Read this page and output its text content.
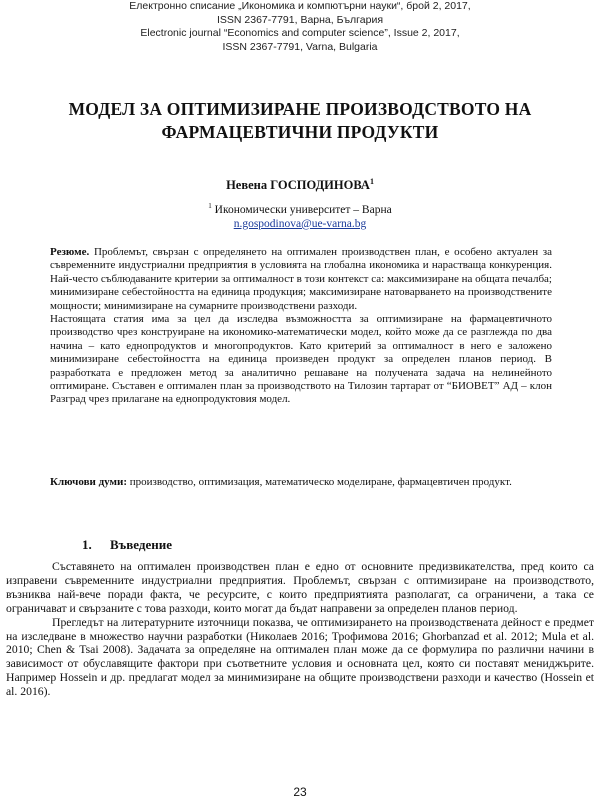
Електронно списание „Икономика и компютърни науки“, брой 2, 2017,
ISSN 2367-7791, Варна, България
Electronic journal “Economics and computer science”, Issue 2, 2017,
ISSN 2367-7791, Varna, Bulgaria
МОДЕЛ ЗА ОПТИМИЗИРАНЕ ПРОИЗВОДСТВОТО НА
ФАРМАЦЕВТИЧНИ ПРОДУКТИ
Невена ГОСПОДИНОВА$^1$
$^1$ Икономически университет – Варна
n.gospodinova@ue-varna.bg

Резюме. Проблемът, свързан с определянето на оптимален производствен план, е особено актуален за съвременните индустриални предприятия в условията на глобална икономика и нарастваща конкуренция. Най-често съблюдаваните критерии за оптималност в този контекст са: максимизиране на общата печалба; минимизиране себестойността на единица продукция; максимизиране натоварването на производствените мощности; минимизиране на сумарните производствени разходи.

Настоящата статия има за цел да изследва възможността за оптимизиране на фармацевтичното производство чрез конструиране на икономико-математически модел, който може да се разглежда по два начина – като еднопродуктов и многопродуктов. Като критерий за оптималност в него е заложено минимизиране себестойността на единица произведен продукт за определен планов период. В разработката е предложен метод за аналитично решаване на получената задача на нелинейното оптимиране. Съставен е оптимален план за производството на Тилозин тартарат от “БИОВЕТ” АД – клон Разград чрез прилагане на еднопродуктовия модел.

Ключови думи: производство, оптимизация, математическо моделиране, фармацевтичен продукт.
1. Въведение

Съставянето на оптимален производствен план е едно от основните предизвикателства, пред които са изправени съвременните индустриални предприятия. Проблемът, свързан с оптимизиране на производството, възниква най-вече поради факта, че ресурсите, с които предприятията разполагат, са ограничени, а така се ограничават и свързаните с това разходи, които могат да бъдат направени за определен планов период.

Прегледът на литературните източници показва, че оптимизирането на производствената дейност е предмет на изследване в множество научни разработки (Николаев 2016; Трофимова 2016; Ghorbanzad et al. 2012; Mula et al. 2010; Chen & Tsai 2008). Задачата за определяне на оптимален план може да се формулира по различни начини в зависимост от обуславящите фактори при съответните условия и основната цел, която си поставят мениджърите. Например Hossein и др. предлагат модел за минимизиране на общите производствени разходи и качество (Hossein et al. 2016).

23
